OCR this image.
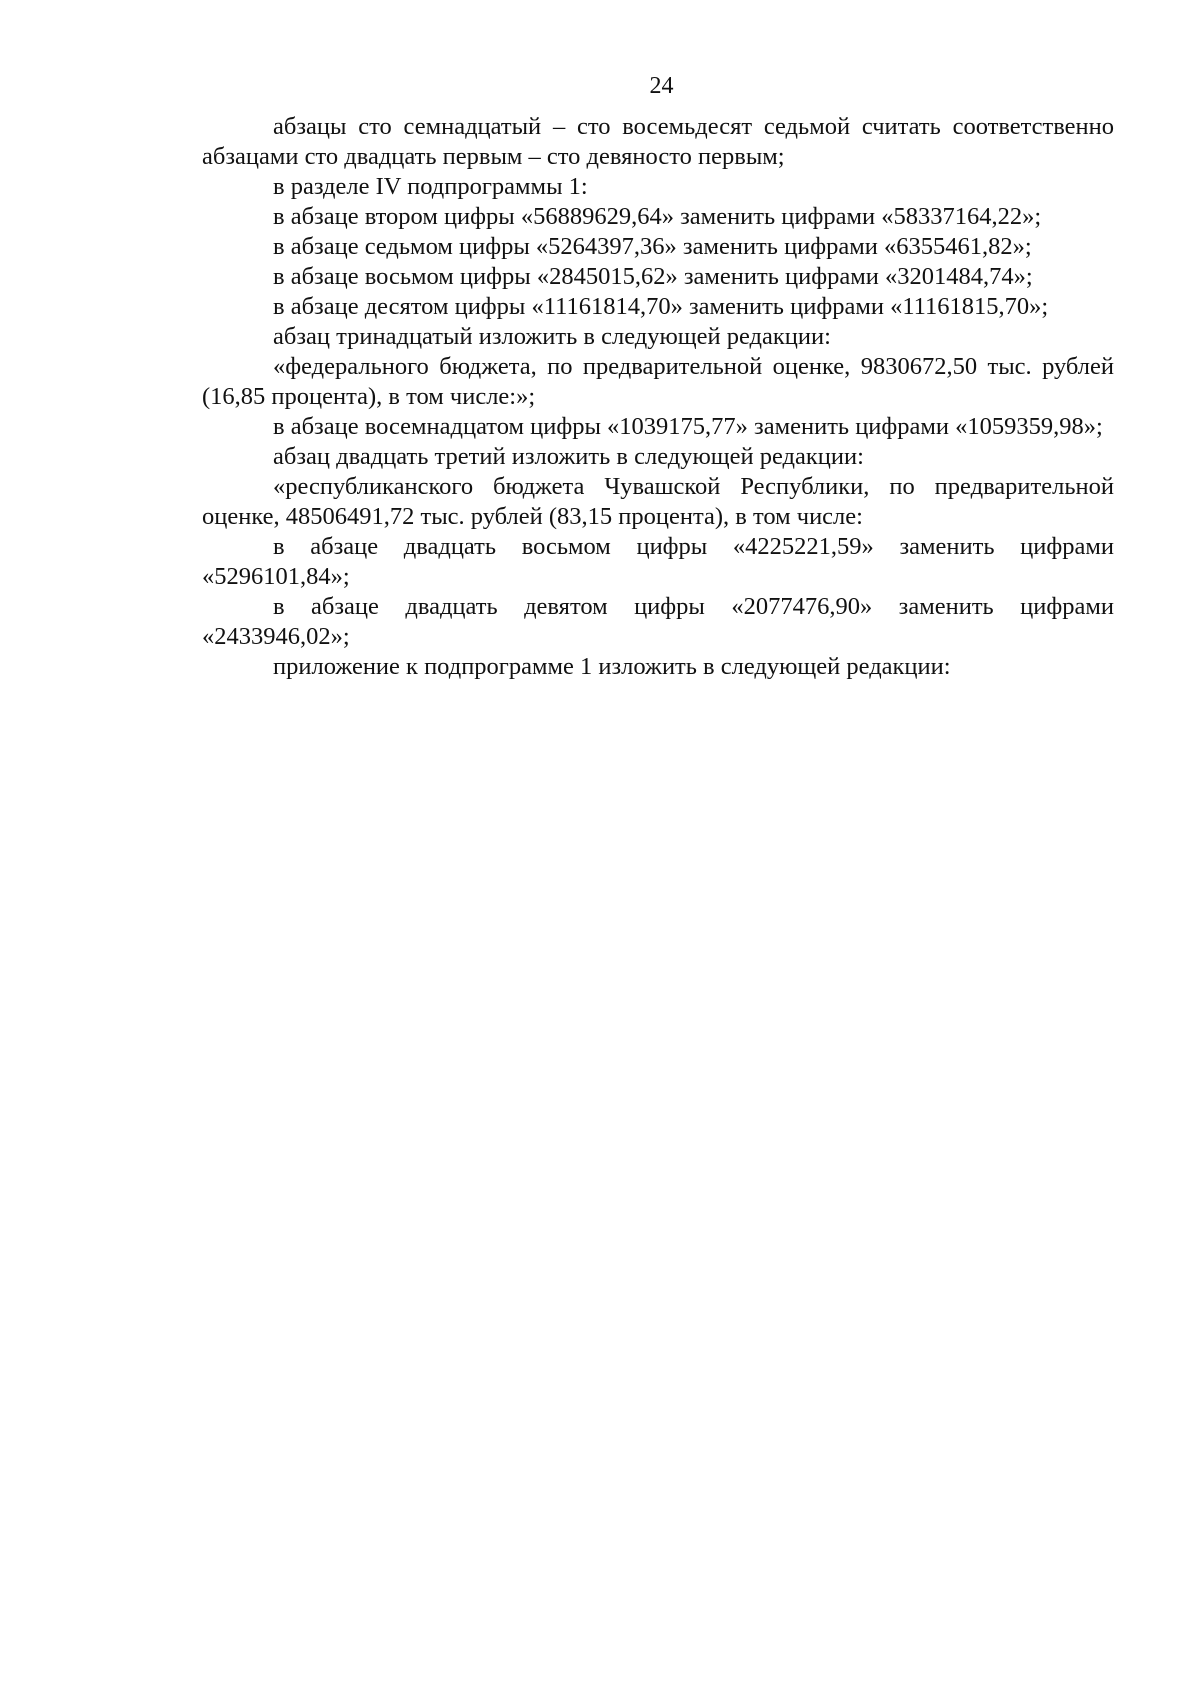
24

абзацы сто семнадцатый – сто восемьдесят седьмой считать соответственно абзацами сто двадцать первым – сто девяносто первым;

в разделе IV подпрограммы 1:

в абзаце втором цифры «56889629,64» заменить цифрами «58337164,22»;

в абзаце седьмом цифры «5264397,36» заменить цифрами «6355461,82»;

в абзаце восьмом цифры «2845015,62» заменить цифрами «3201484,74»;

в абзаце десятом цифры «11161814,70» заменить цифрами «11161815,70»;

абзац тринадцатый изложить в следующей редакции:

«федерального бюджета, по предварительной оценке, 9830672,50 тыс. рублей (16,85 процента), в том числе:»;

в абзаце восемнадцатом цифры «1039175,77» заменить цифрами «1059359,98»;

абзац двадцать третий изложить в следующей редакции:

«республиканского бюджета Чувашской Республики, по предварительной оценке, 48506491,72 тыс. рублей (83,15 процента), в том числе:

в абзаце двадцать восьмом цифры «4225221,59» заменить цифрами «5296101,84»;

в абзаце двадцать девятом цифры «2077476,90» заменить цифрами «2433946,02»;

приложение к подпрограмме 1 изложить в следующей редакции:
